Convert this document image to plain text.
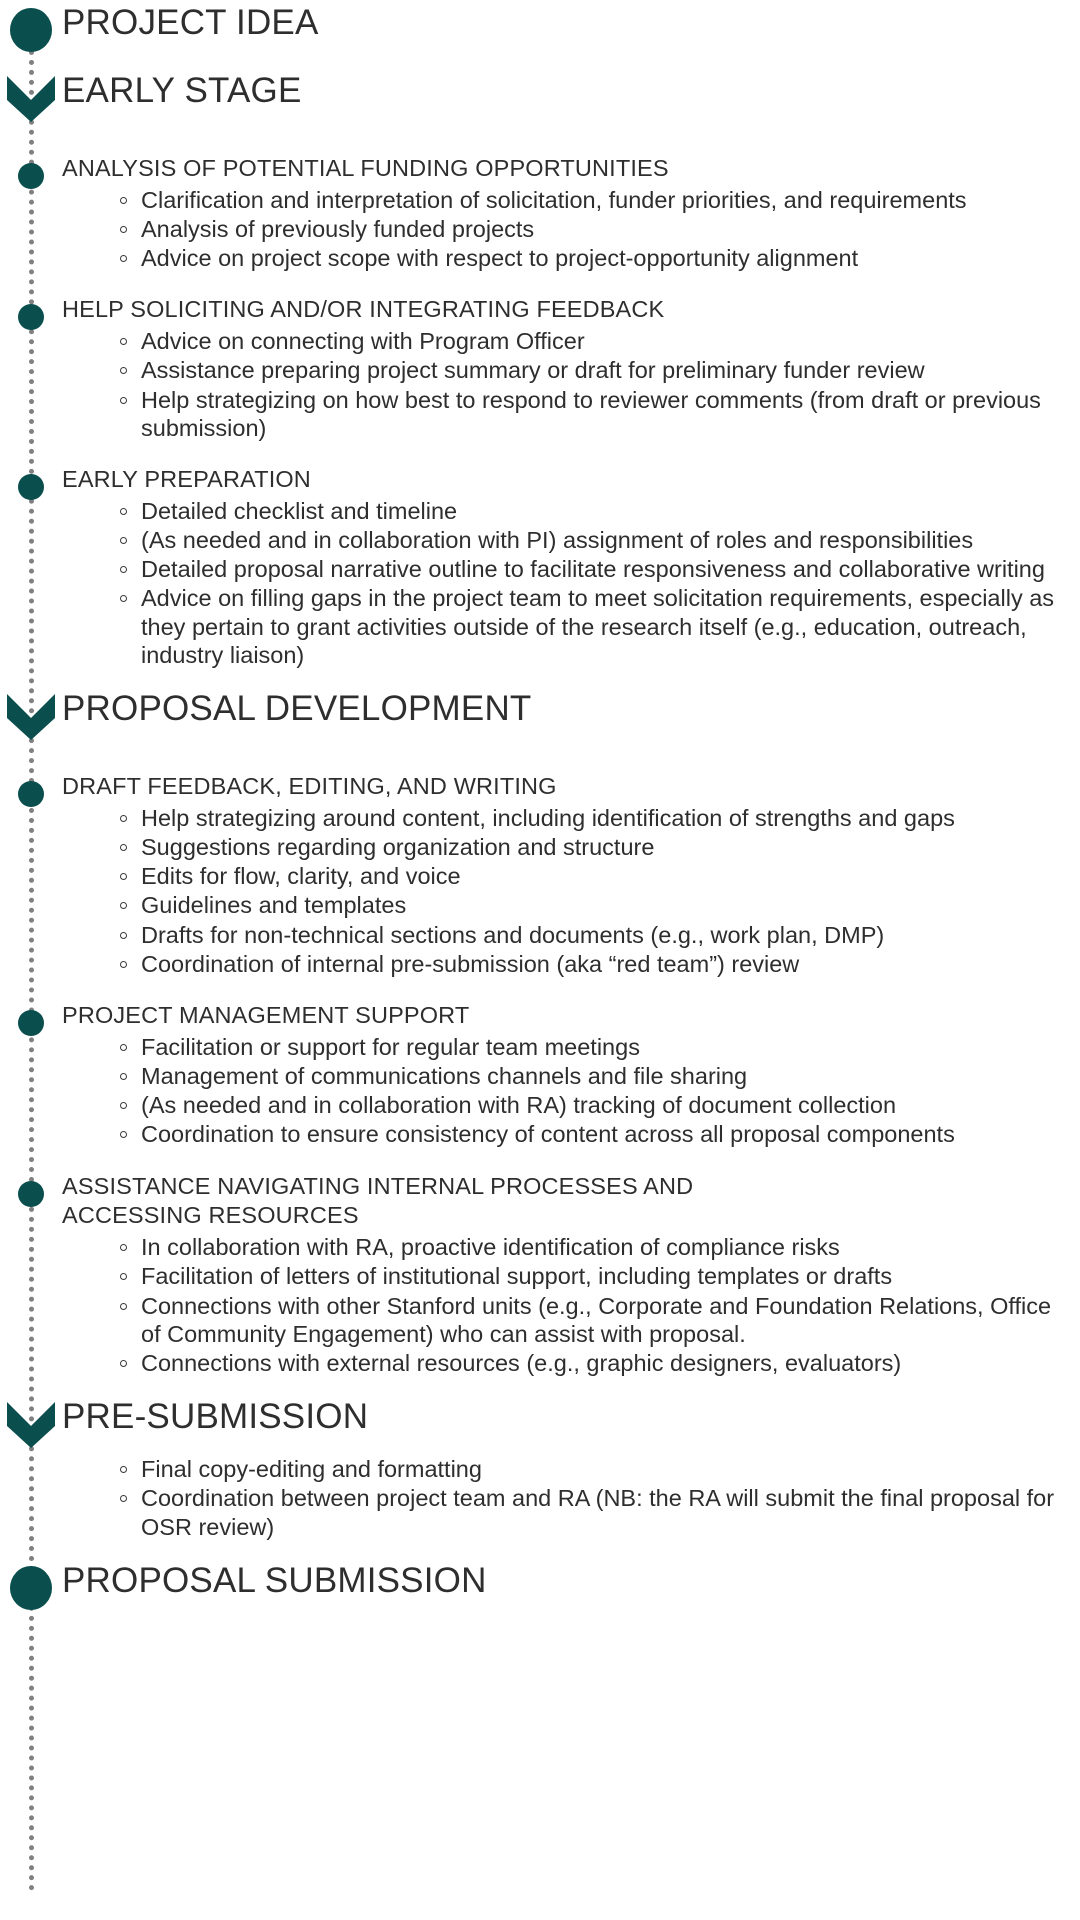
PROJECT IDEA
EARLY STAGE
ANALYSIS OF POTENTIAL FUNDING OPPORTUNITIES
Clarification and interpretation of solicitation, funder priorities, and requirements
Analysis of previously funded projects
Advice on project scope with respect to project-opportunity alignment
HELP SOLICITING AND/OR INTEGRATING FEEDBACK
Advice on connecting with Program Officer
Assistance preparing project summary or draft for preliminary funder review
Help strategizing on how best to respond to reviewer comments (from draft or previous submission)
EARLY PREPARATION
Detailed checklist and timeline
(As needed and in collaboration with PI) assignment of roles and responsibilities
Detailed proposal narrative outline to facilitate responsiveness and collaborative writing
Advice on filling gaps in the project team to meet solicitation requirements, especially as they pertain to grant activities outside of the research itself (e.g., education, outreach, industry liaison)
PROPOSAL DEVELOPMENT
DRAFT FEEDBACK, EDITING, AND WRITING
Help strategizing around content, including identification of strengths and gaps
Suggestions regarding organization and structure
Edits for flow, clarity, and voice
Guidelines and templates
Drafts for non-technical sections and documents (e.g., work plan, DMP)
Coordination of internal pre-submission (aka “red team”) review
PROJECT MANAGEMENT SUPPORT
Facilitation or support for regular team meetings
Management of communications channels and file sharing
(As needed and in collaboration with RA) tracking of document collection
Coordination to ensure consistency of content across all proposal components
ASSISTANCE NAVIGATING INTERNAL PROCESSES AND ACCESSING RESOURCES
In collaboration with RA, proactive identification of compliance risks
Facilitation of letters of institutional support, including templates or drafts
Connections with other Stanford units (e.g., Corporate and Foundation Relations, Office of Community Engagement) who can assist with proposal.
Connections with external resources (e.g., graphic designers, evaluators)
PRE-SUBMISSION
Final copy-editing and formatting
Coordination between project team and RA (NB: the RA will submit the final proposal for OSR review)
PROPOSAL SUBMISSION
